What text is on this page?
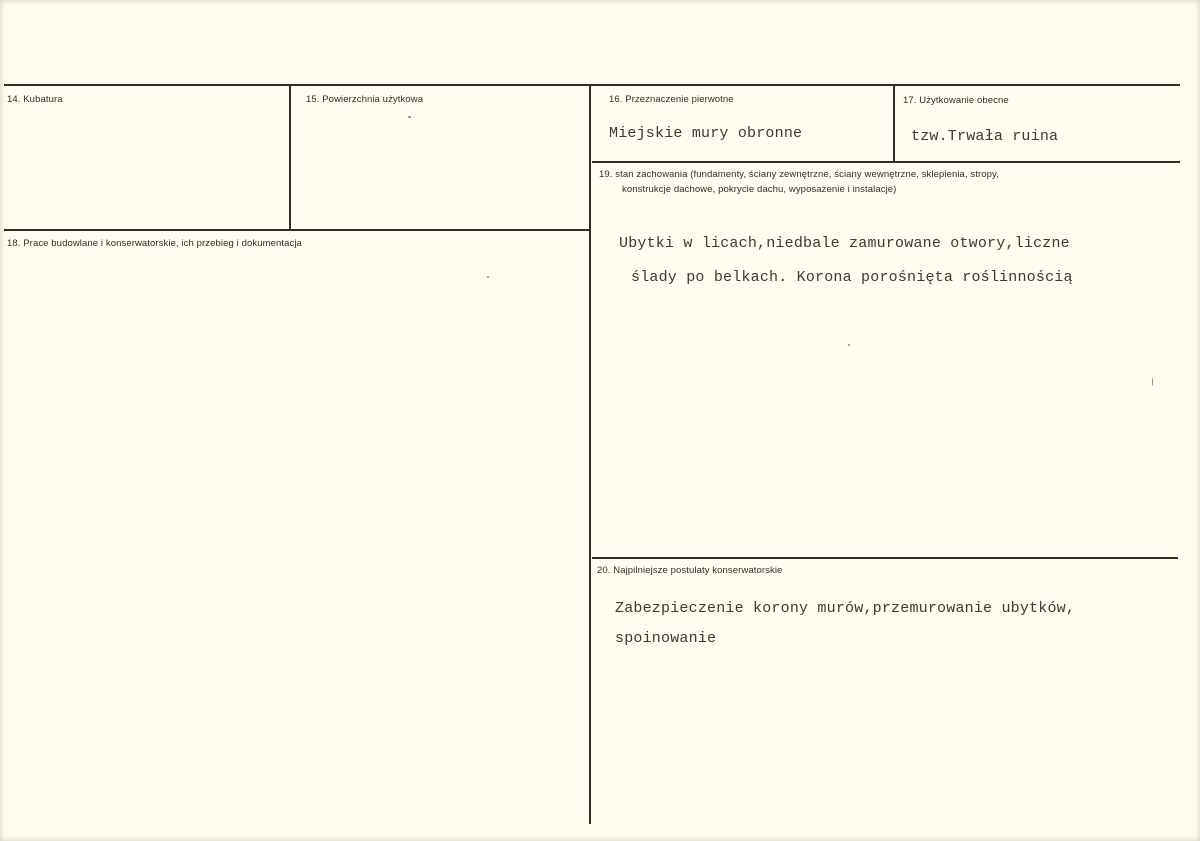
14. Kubatura	15. Powierzchnia użytkowa	16. Przeznaczenie pierwotne
Miejskie mury obronne
17. Użytkowanie obecne
tzw.Trwała ruina
18. Prace budowlane i konserwatorskie, ich przebieg i dokumentacja
19. stan zachowania (fundamenty, ściany zewnętrzne, ściany wewnętrzne, sklepienia, stropy,
konstrukcje dachowe, pokrycie dachu, wyposażenie i instalacje)
Ubytki w licach,niedbale zamurowane otwory,liczne
ślady po belkach. Korona porośnięta roślinnością
20. Najpilniejsze postulaty konserwatorskie
Zabezpieczenie korony murów,przemurowanie ubytków,
spoinowanie
